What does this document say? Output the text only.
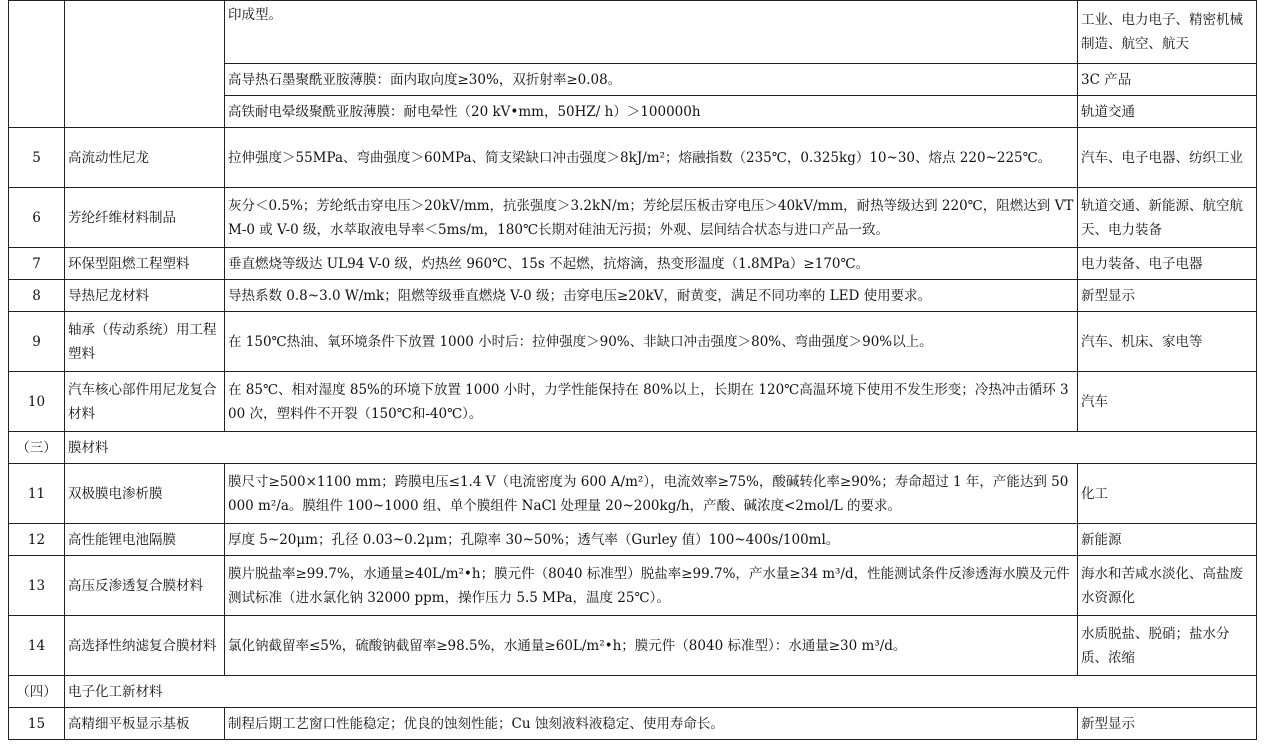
		印成型。	工业、电力电子、精密机械制造、航空、航天
		高导热石墨聚酰亚胺薄膜：面内取向度≥30%，双折射率≥0.08。	3C 产品
		高铁耐电晕级聚酰亚胺薄膜：耐电晕性（20 kV•mm，50HZ/ h）＞100000h	轨道交通
5	高流动性尼龙	拉伸强度＞55MPa、弯曲强度＞60MPa、简支梁缺口冲击强度＞8kJ/m²；熔融指数（235℃，0.325kg）10~30、熔点 220~225℃。	汽车、电子电器、纺织工业
6	芳纶纤维材料制品	灰分＜0.5%；芳纶纸击穿电压＞20kV/mm，抗张强度＞3.2kN/m；芳纶层压板击穿电压＞40kV/mm，耐热等级达到 220℃，阻燃达到 VTM-0 或 V-0 级，水萃取液电导率＜5ms/m，180℃长期对硅油无污损；外观、层间结合状态与进口产品一致。	轨道交通、新能源、航空航天、电力装备
7	环保型阻燃工程塑料	垂直燃烧等级达 UL94 V-0 级，灼热丝 960℃、15s 不起燃，抗熔滴，热变形温度（1.8MPa）≥170℃。	电力装备、电子电器
8	导热尼龙材料	导热系数 0.8~3.0 W/mk；阻燃等级垂直燃烧 V-0 级；击穿电压≥20kV，耐黄变，满足不同功率的 LED 使用要求。	新型显示
9	轴承（传动系统）用工程塑料	在 150℃热油、氧环境条件下放置 1000 小时后：拉伸强度＞90%、非缺口冲击强度＞80%、弯曲强度＞90%以上。	汽车、机床、家电等
10	汽车核心部件用尼龙复合材料	在 85℃、相对湿度 85%的环境下放置 1000 小时，力学性能保持在 80%以上，长期在 120℃高温环境下使用不发生形变；冷热冲击循环 300 次，塑料件不开裂（150℃和-40℃）。	汽车
（三）	膜材料		
11	双极膜电渗析膜	膜尺寸≥500×1100 mm；跨膜电压≤1.4 V（电流密度为 600 A/m²），电流效率≥75%，酸碱转化率≥90%；寿命超过 1 年，产能达到 50000 m²/a。膜组件 100~1000 组、单个膜组件 NaCl 处理量 20~200kg/h，产酸、碱浓度<2mol/L 的要求。	化工
12	高性能锂电池隔膜	厚度 5~20μm；孔径 0.03~0.2μm；孔隙率 30~50%；透气率（Gurley 值）100~400s/100ml。	新能源
13	高压反渗透复合膜材料	膜片脱盐率≥99.7%，水通量≥40L/m²•h；膜元件（8040 标准型）脱盐率≥99.7%，产水量≥34 m³/d，性能测试条件反渗透海水膜及元件测试标准（进水氯化钠 32000 ppm，操作压力 5.5 MPa，温度 25℃）。	海水和苦咸水淡化、高盐废水资源化
14	高选择性纳滤复合膜材料	氯化钠截留率≤5%，硫酸钠截留率≥98.5%，水通量≥60L/m²•h；膜元件（8040 标准型）：水通量≥30 m³/d。	水质脱盐、脱硝；盐水分质、浓缩
（四）	电子化工新材料		
15	高精细平板显示基板	制程后期工艺窗口性能稳定；优良的蚀刻性能；Cu 蚀刻液料液稳定、使用寿命长。	新型显示
